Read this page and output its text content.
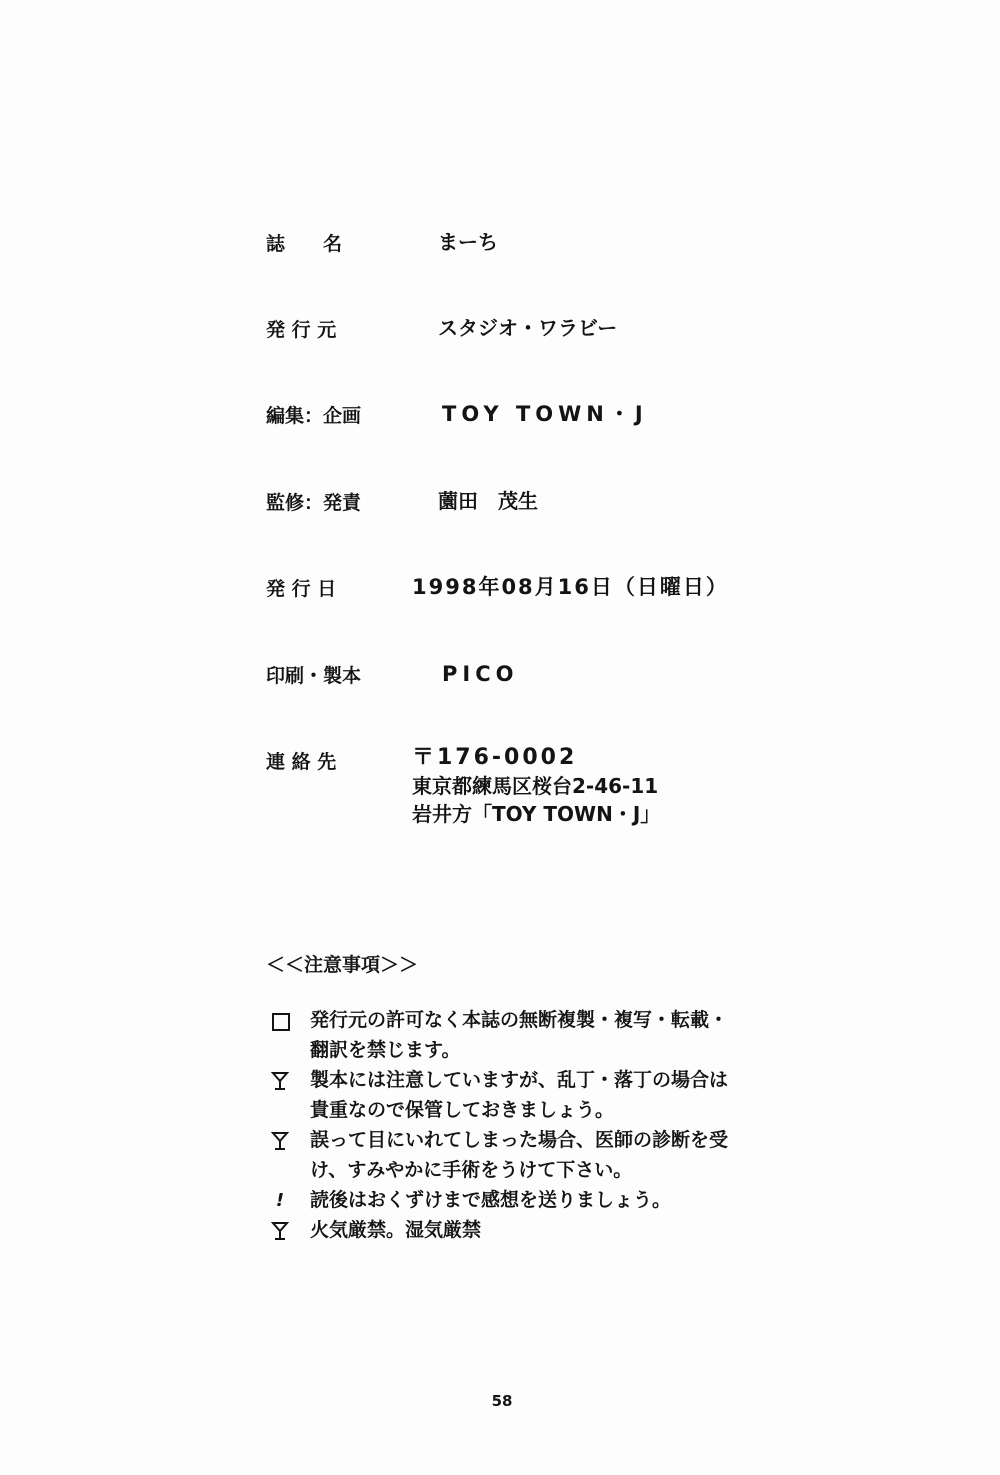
誌　　名	まーち
発 行 元	スタジオ・ワラビー
編集：企画	TOY TOWN・J
監修：発責	薗田　茂生
発 行 日	1998年08月16日（日曜日）
印刷・製本	PICO
連 絡 先	〒176-0002
東京都練馬区桜台2-46-11
岩井方「TOY TOWN・J」
＜＜注意事項＞＞
発行元の許可なく本誌の無断複製・複写・転載・
翻訳を禁じます。
製本には注意していますが、乱丁・落丁の場合は
貴重なので保管しておきましょう。
誤って目にいれてしまった場合、医師の診断を受
け、すみやかに手術をうけて下さい。
!	読後はおくずけまで感想を送りましょう。
火気厳禁。湿気厳禁
58
